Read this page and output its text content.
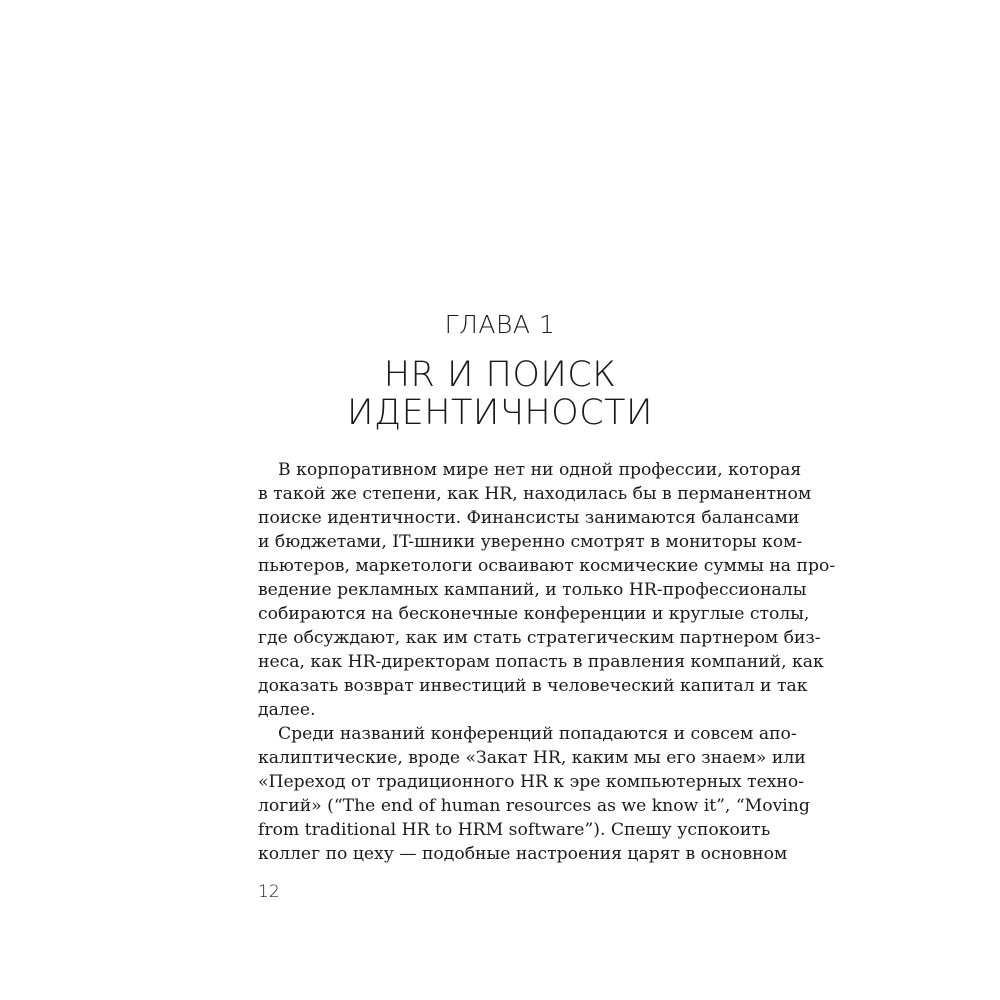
ГЛАВА 1
HR И ПОИСК
ИДЕНТИЧНОСТИ
В корпоративном мире нет ни одной профессии, которая
в такой же степени, как HR, находилась бы в перманентном
поиске идентичности. Финансисты занимаются балансами
и бюджетами, IT-шники уверенно смотрят в мониторы ком-
пьютеров, маркетологи осваивают космические суммы на про-
ведение рекламных кампаний, и только HR-профессионалы
собираются на бесконечные конференции и круглые столы,
где обсуждают, как им стать стратегическим партнером биз-
неса, как HR-директорам попасть в правления компаний, как
доказать возврат инвестиций в человеческий капитал и так
далее.
Среди названий конференций попадаются и совсем апо-
калиптические, вроде «Закат HR, каким мы его знаем» или
«Переход от традиционного HR к эре компьютерных техно-
логий» (“The end of human resources as we know it”, “Moving
from traditional HR to HRM software”). Спешу успокоить
коллег по цеху — подобные настроения царят в основном
12
